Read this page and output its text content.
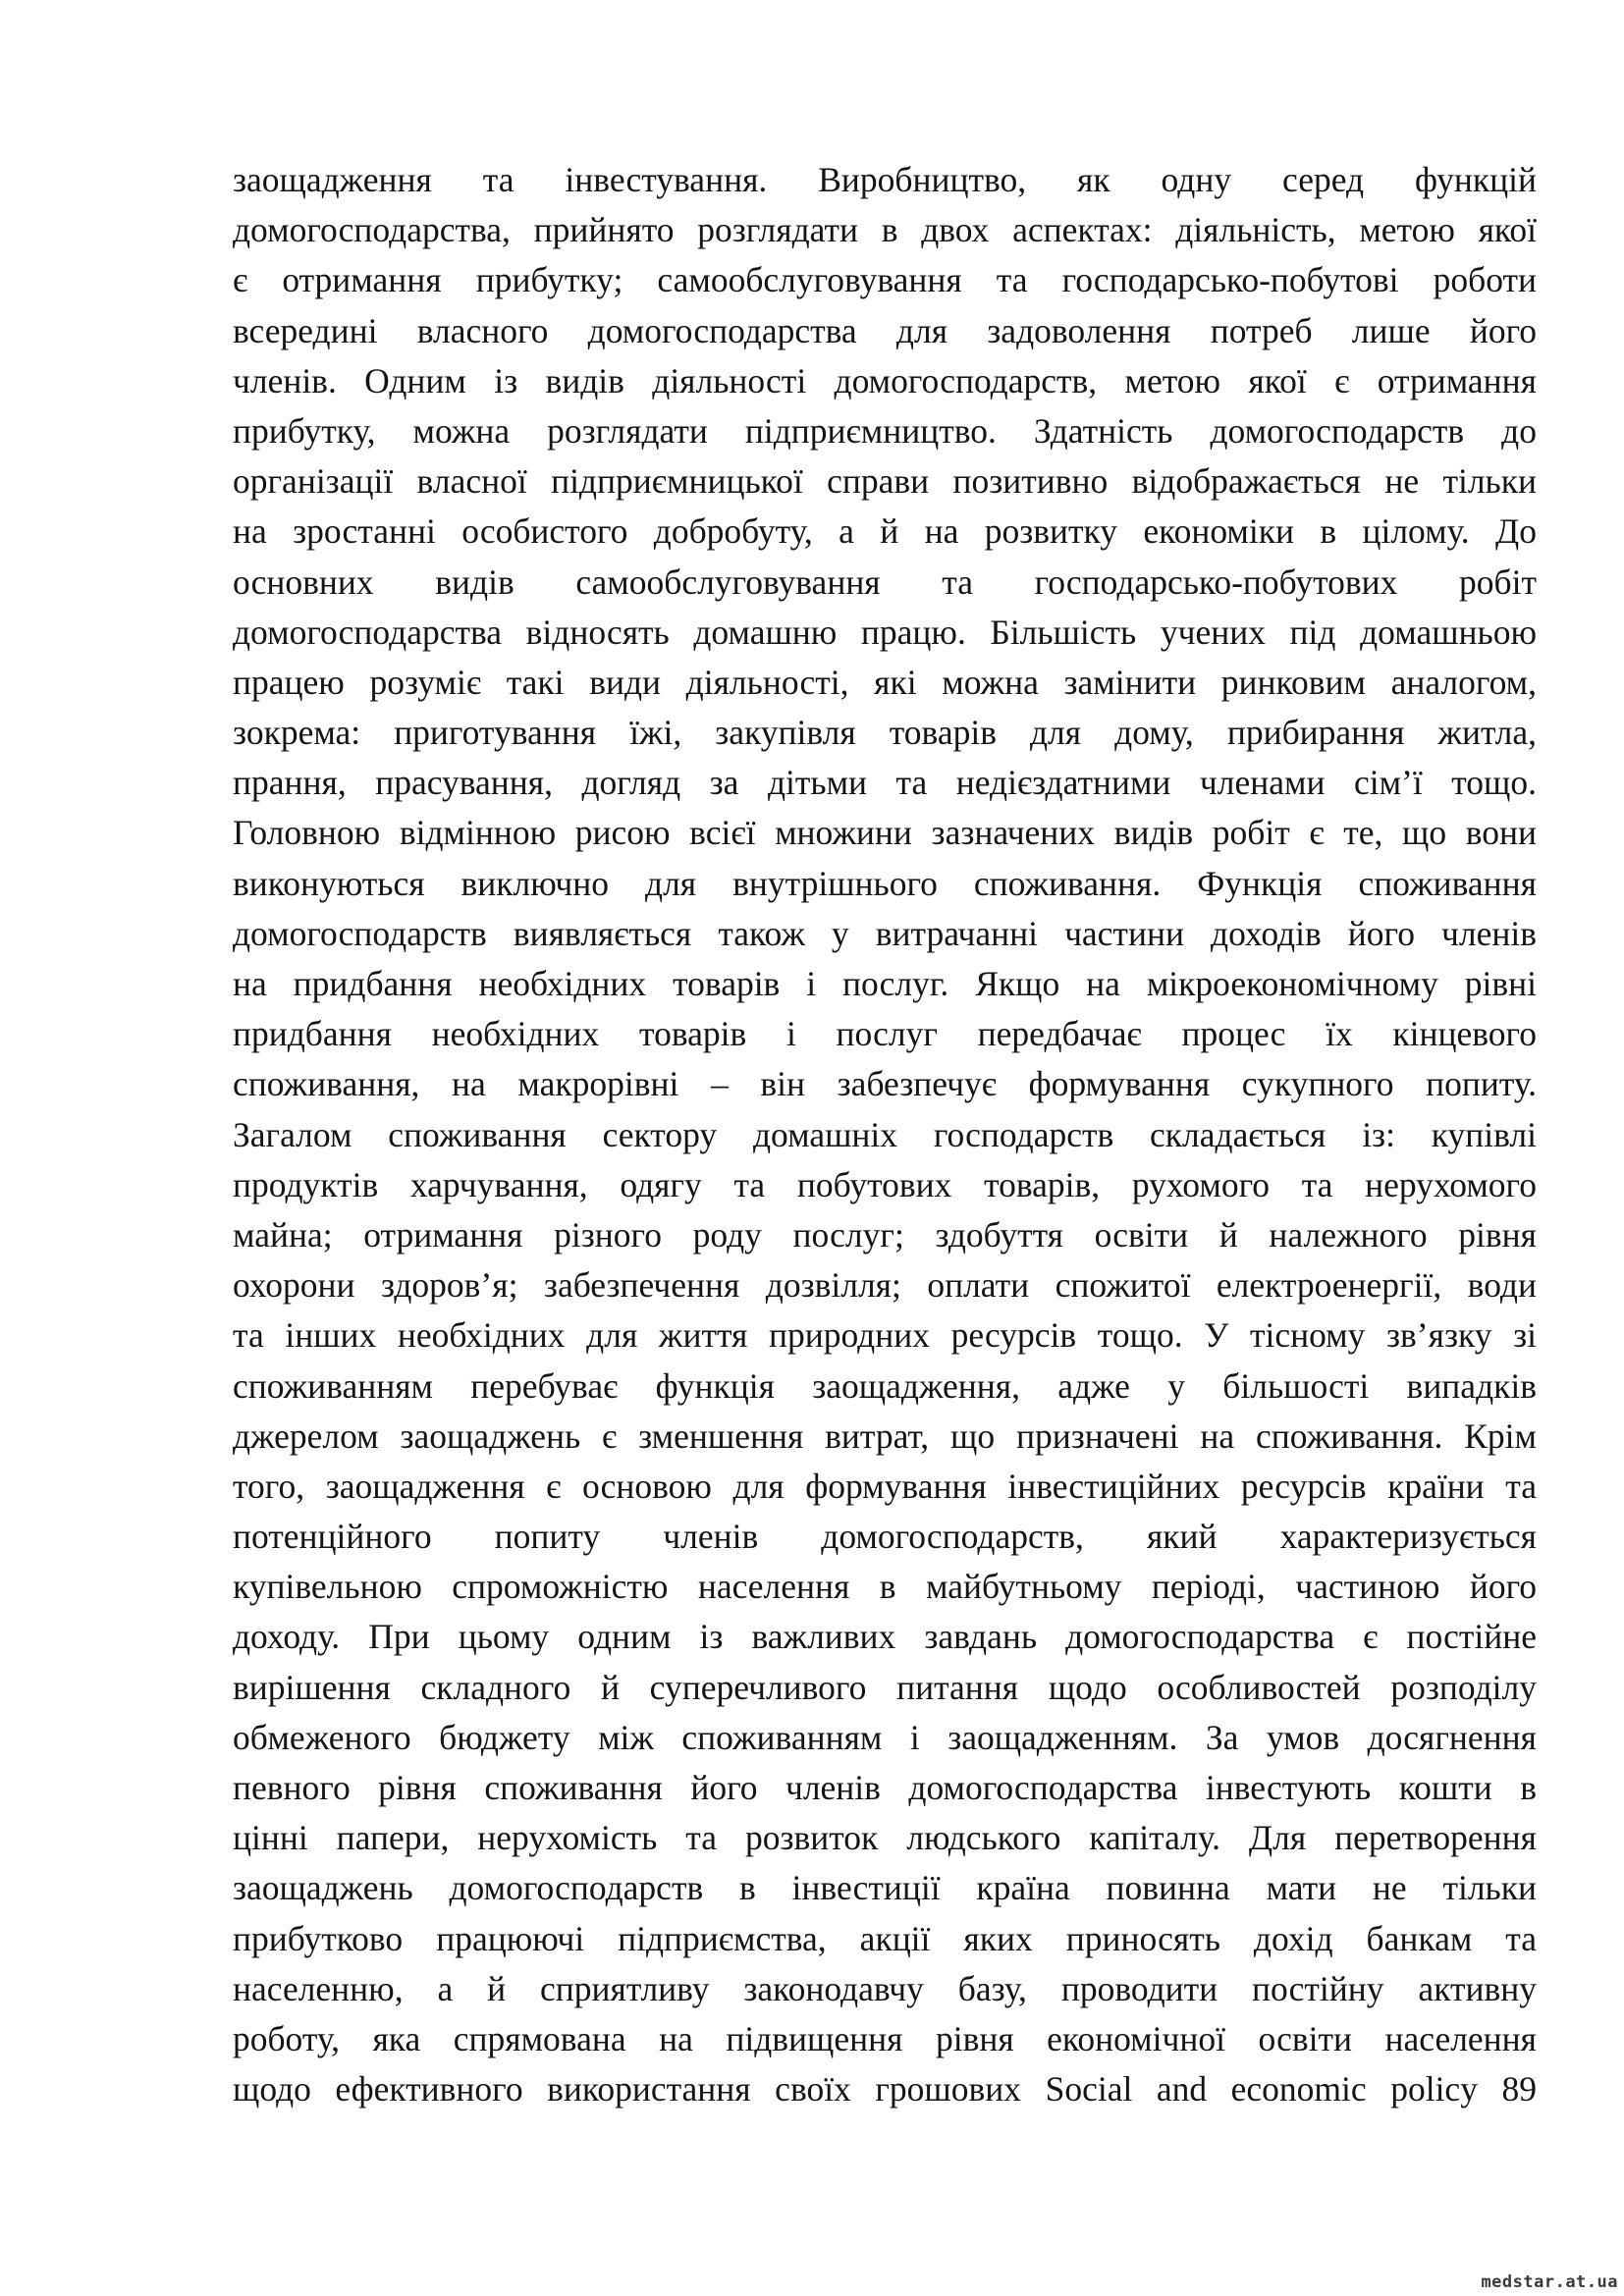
заощадження та інвестування. Виробництво, як одну серед функцій
домогосподарства, прийнято розглядати в двох аспектах: діяльність, метою якої
є отримання прибутку; самообслуговування та господарсько-побутові роботи
всередині власного домогосподарства для задоволення потреб лише його
членів. Одним із видів діяльності домогосподарств, метою якої є отримання
прибутку, можна розглядати підприємництво. Здатність домогосподарств до
організації власної підприємницької справи позитивно відображається не тільки
на зростанні особистого добробуту, а й на розвитку економіки в цілому. До
основних видів самообслуговування та господарсько-побутових робіт
домогосподарства відносять домашню працю. Більшість учених під домашньою
працею розуміє такі види діяльності, які можна замінити ринковим аналогом,
зокрема: приготування їжі, закупівля товарів для дому, прибирання житла,
прання, прасування, догляд за дітьми та недієздатними членами сім’ї тощо.
Головною відмінною рисою всієї множини зазначених видів робіт є те, що вони
виконуються виключно для внутрішнього споживання. Функція споживання
домогосподарств виявляється також у витрачанні частини доходів його членів
на придбання необхідних товарів і послуг. Якщо на мікроекономічному рівні
придбання необхідних товарів і послуг передбачає процес їх кінцевого
споживання, на макрорівні – він забезпечує формування сукупного попиту.
Загалом споживання сектору домашніх господарств складається із: купівлі
продуктів харчування, одягу та побутових товарів, рухомого та нерухомого
майна; отримання різного роду послуг; здобуття освіти й належного рівня
охорони здоров’я; забезпечення дозвілля; оплати спожитої електроенергії, води
та інших необхідних для життя природних ресурсів тощо. У тісному зв’язку зі
споживанням перебуває функція заощадження, адже у більшості випадків
джерелом заощаджень є зменшення витрат, що призначені на споживання. Крім
того, заощадження є основою для формування інвестиційних ресурсів країни та
потенційного попиту членів домогосподарств, який характеризується
купівельною спроможністю населення в майбутньому періоді, частиною його
доходу. При цьому одним із важливих завдань домогосподарства є постійне
вирішення складного й суперечливого питання щодо особливостей розподілу
обмеженого бюджету між споживанням і заощадженням. За умов досягнення
певного рівня споживання його членів домогосподарства інвестують кошти в
цінні папери, нерухомість та розвиток людського капіталу. Для перетворення
заощаджень домогосподарств в інвестиції країна повинна мати не тільки
прибутково працюючі підприємства, акції яких приносять дохід банкам та
населенню, а й сприятливу законодавчу базу, проводити постійну активну
роботу, яка спрямована на підвищення рівня економічної освіти населення
щодо ефективного використання своїх грошових Social and economic policy 89
medstar.at.ua
